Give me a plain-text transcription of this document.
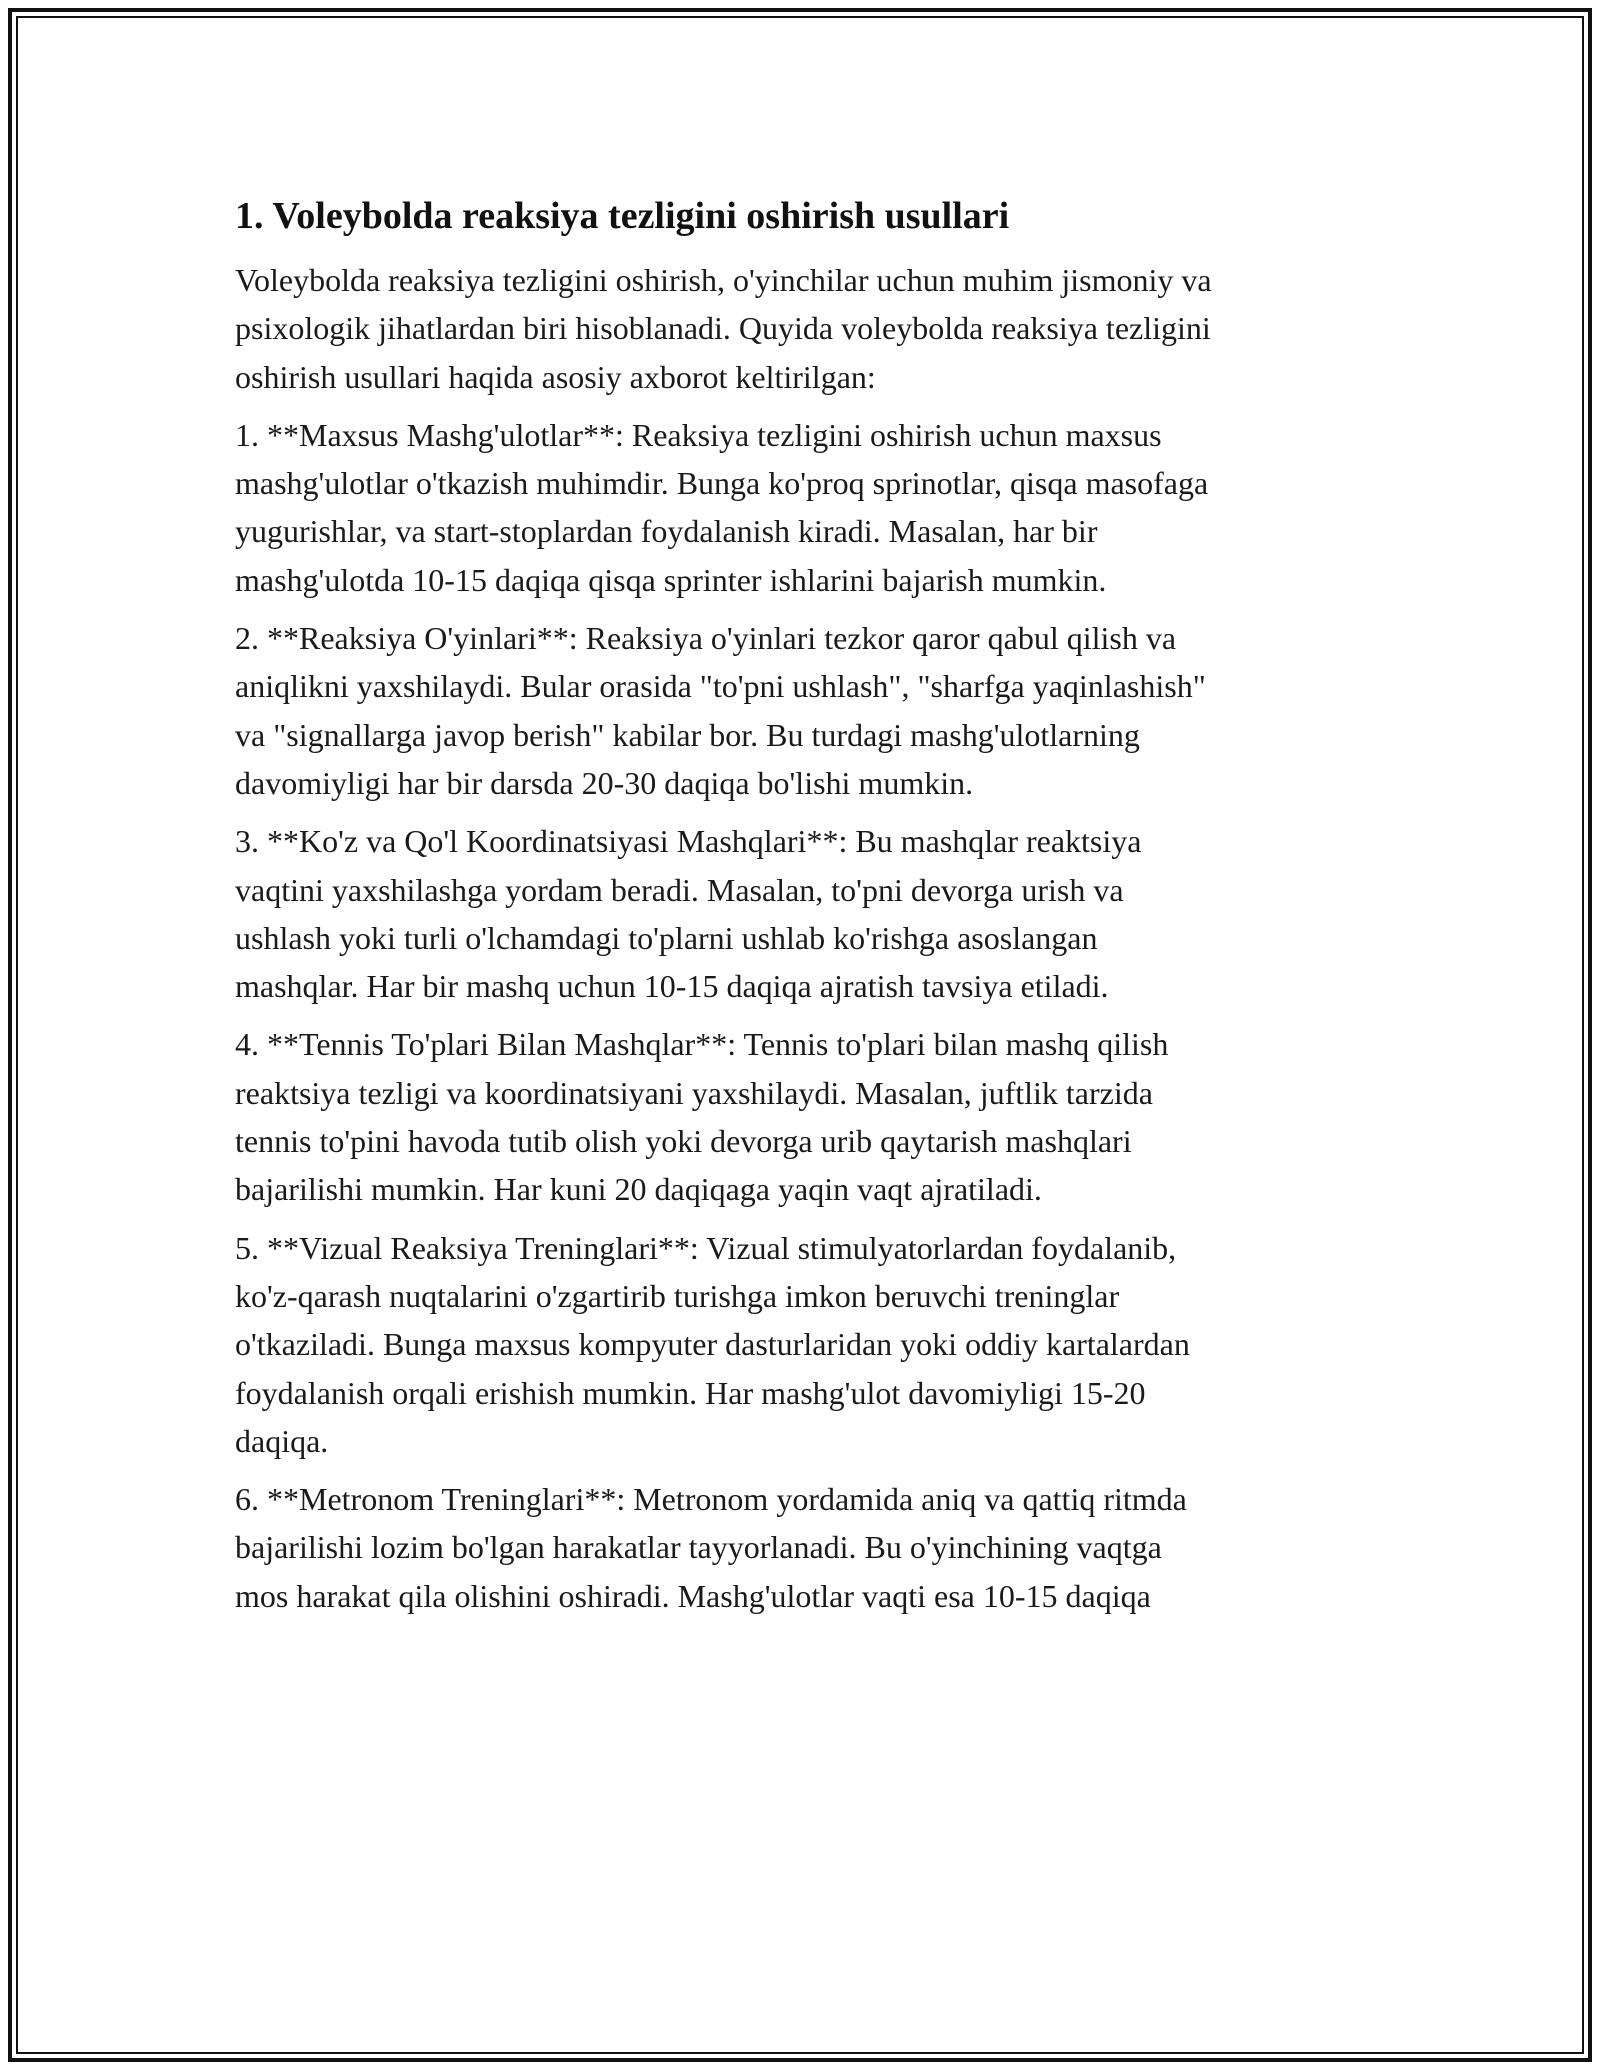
1. Voleybolda reaksiya tezligini oshirish usullari

Voleybolda reaksiya tezligini oshirish, o'yinchilar uchun muhim jismoniy va
psixologik jihatlardan biri hisoblanadi. Quyida voleybolda reaksiya tezligini
oshirish usullari haqida asosiy axborot keltirilgan:

1. **Maxsus Mashg'ulotlar**: Reaksiya tezligini oshirish uchun maxsus
mashg'ulotlar o'tkazish muhimdir. Bunga ko'proq sprinotlar, qisqa masofaga
yugurishlar, va start-stoplardan foydalanish kiradi. Masalan, har bir
mashg'ulotda 10-15 daqiqa qisqa sprinter ishlarini bajarish mumkin.

2. **Reaksiya O'yinlari**: Reaksiya o'yinlari tezkor qaror qabul qilish va
aniqlikni yaxshilaydi. Bular orasida "to'pni ushlash", "sharfga yaqinlashish"
va "signallarga javop berish" kabilar bor. Bu turdagi mashg'ulotlarning
davomiyligi har bir darsda 20-30 daqiqa bo'lishi mumkin.

3. **Ko'z va Qo'l Koordinatsiyasi Mashqlari**: Bu mashqlar reaktsiya
vaqtini yaxshilashga yordam beradi. Masalan, to'pni devorga urish va
ushlash yoki turli o'lchamdagi to'plarni ushlab ko'rishga asoslangan
mashqlar. Har bir mashq uchun 10-15 daqiqa ajratish tavsiya etiladi.

4. **Tennis To'plari Bilan Mashqlar**: Tennis to'plari bilan mashq qilish
reaktsiya tezligi va koordinatsiyani yaxshilaydi. Masalan, juftlik tarzida
tennis to'pini havoda tutib olish yoki devorga urib qaytarish mashqlari
bajarilishi mumkin. Har kuni 20 daqiqaga yaqin vaqt ajratiladi.

5. **Vizual Reaksiya Treninglari**: Vizual stimulyatorlardan foydalanib,
ko'z-qarash nuqtalarini o'zgartirib turishga imkon beruvchi treninglar
o'tkaziladi. Bunga maxsus kompyuter dasturlaridan yoki oddiy kartalardan
foydalanish orqali erishish mumkin. Har mashg'ulot davomiyligi 15-20
daqiqa.

6. **Metronom Treninglari**: Metronom yordamida aniq va qattiq ritmda
bajarilishi lozim bo'lgan harakatlar tayyorlanadi. Bu o'yinchining vaqtga
mos harakat qila olishini oshiradi. Mashg'ulotlar vaqti esa 10-15 daqiqa
